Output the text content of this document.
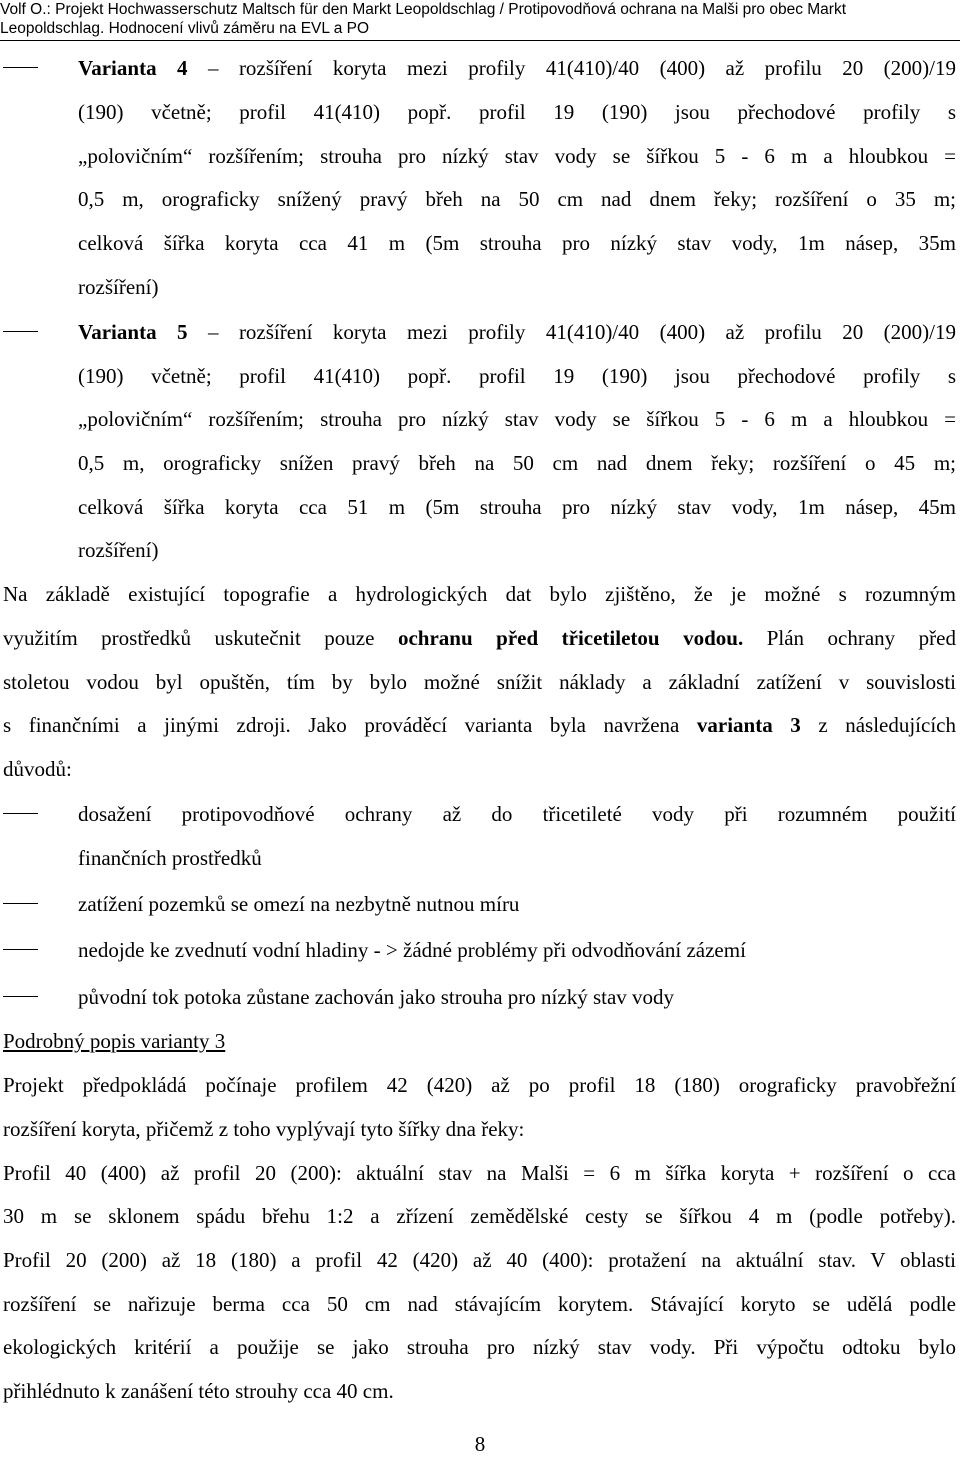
Volf O.: Projekt Hochwasserschutz Maltsch für den Markt Leopoldschlag / Protipovodňová ochrana na Malši pro obec Markt
Leopoldschlag. Hodnocení vlivů záměru na EVL a PO
Varianta 4 – rozšíření koryta mezi profily 41(410)/40 (400) až profilu 20 (200)/19
(190) včetně; profil 41(410) popř. profil 19 (190) jsou přechodové profily s
„polovičním“ rozšířením; strouha pro nízký stav vody se šířkou 5 - 6 m a hloubkou =
0,5 m, orograficky snížený pravý břeh na 50 cm nad dnem řeky; rozšíření o 35 m;
celková šířka koryta cca 41 m (5m strouha pro nízký stav vody, 1m násep, 35m
rozšíření)
Varianta 5 – rozšíření koryta mezi profily 41(410)/40 (400) až profilu 20 (200)/19
(190) včetně; profil 41(410) popř. profil 19 (190) jsou přechodové profily s
„polovičním“ rozšířením; strouha pro nízký stav vody se šířkou 5 - 6 m a hloubkou =
0,5 m, orograficky snížen pravý břeh na 50 cm nad dnem řeky; rozšíření o 45 m;
celková šířka koryta cca 51 m (5m strouha pro nízký stav vody, 1m násep, 45m
rozšíření)
Na základě existující topografie a hydrologických dat bylo zjištěno, že je možné s rozumným
využitím prostředků uskutečnit pouze ochranu před třicetiletou vodou. Plán ochrany před
stoletou vodou byl opuštěn, tím by bylo možné snížit náklady a základní zatížení v souvislosti
s finančními a jinými zdroji. Jako prováděcí varianta byla navržena varianta 3 z následujících
důvodů:
dosažení protipovodňové ochrany až do třicetileté vody při rozumném použití
finančních prostředků
zatížení pozemků se omezí na nezbytně nutnou míru
nedojde ke zvednutí vodní hladiny - > žádné problémy při odvodňování zázemí
původní tok potoka zůstane zachován jako strouha pro nízký stav vody
Podrobný popis varianty 3
Projekt předpokládá počínaje profilem 42 (420) až po profil 18 (180) orograficky pravobřežní
rozšíření koryta, přičemž z toho vyplývají tyto šířky dna řeky:
Profil 40 (400) až profil 20 (200): aktuální stav na Malši = 6 m šířka koryta + rozšíření o cca
30 m se sklonem spádu břehu 1:2 a zřízení zemědělské cesty se šířkou 4 m (podle potřeby).
Profil 20 (200) až 18 (180) a profil 42 (420) až 40 (400): protažení na aktuální stav. V oblasti
rozšíření se nařizuje berma cca 50 cm nad stávajícím korytem. Stávající koryto se udělá podle
ekologických kritérií a použije se jako strouha pro nízký stav vody. Při výpočtu odtoku bylo
přihlédnuto k zanášení této strouhy cca 40 cm.
8
